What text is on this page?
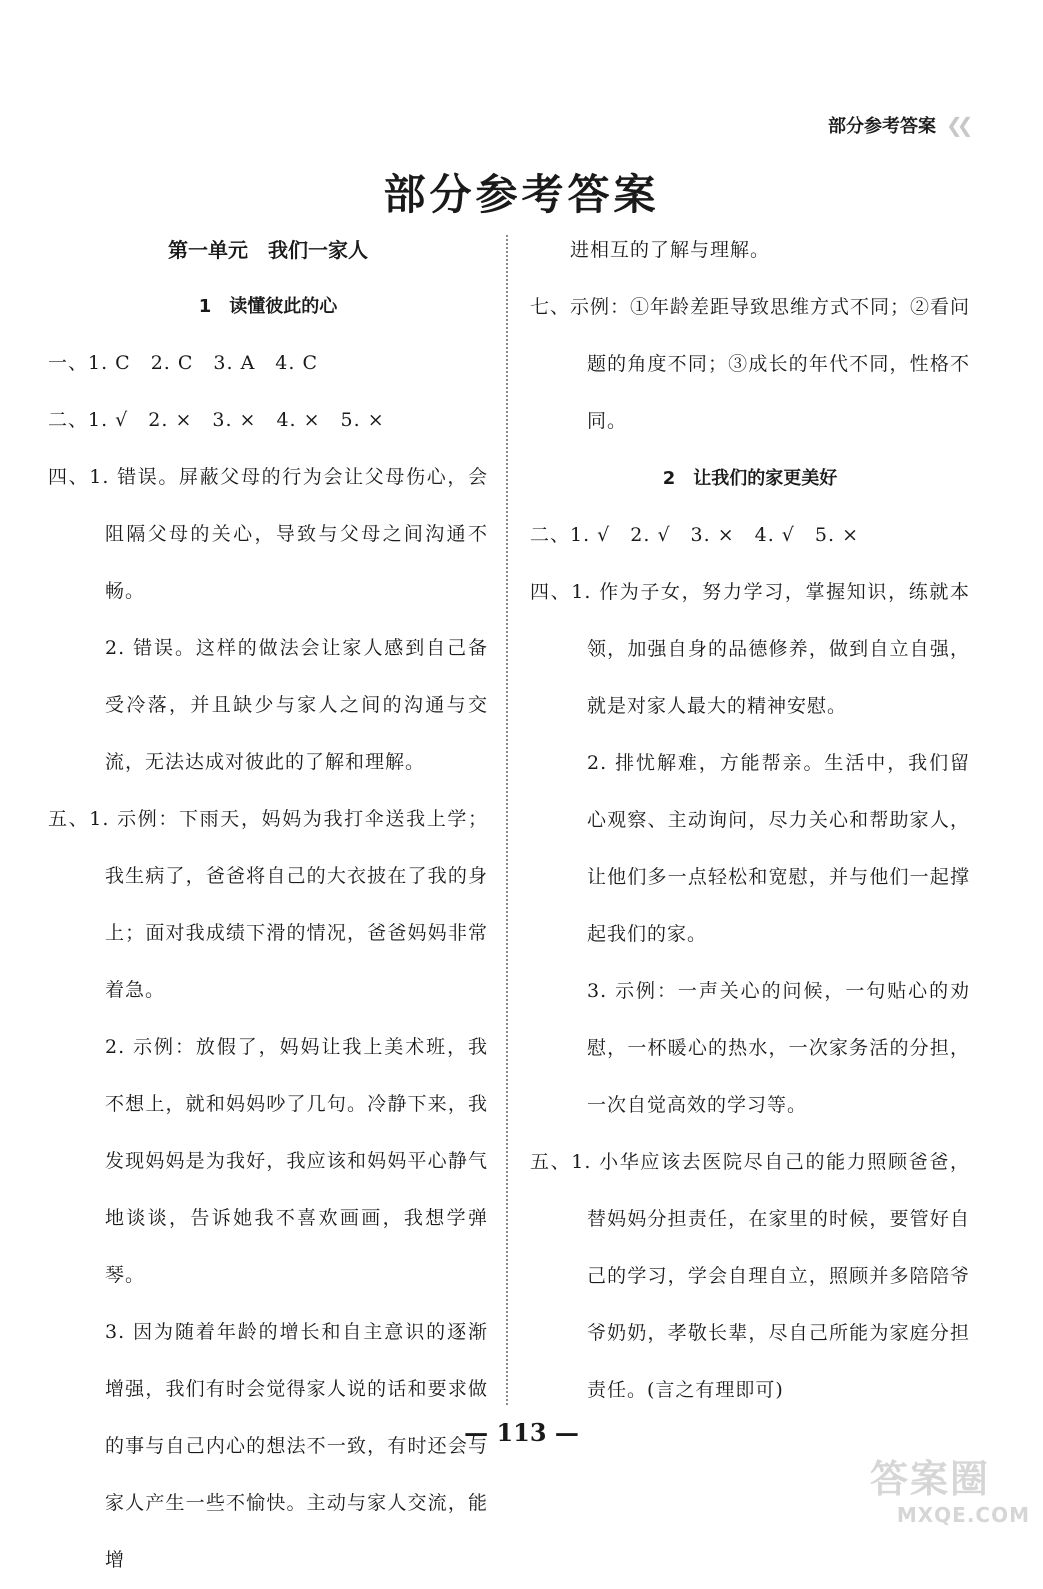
部分参考答案 ❮❮
部分参考答案
第一单元　我们一家人
1　读懂彼此的心

一、1. C　2. C　3. A　4. C

二、1. √　2. ×　3. ×　4. ×　5. ×

四、1. 错误。屏蔽父母的行为会让父母伤心，会阻隔父母的关心，导致与父母之间沟通不畅。

2. 错误。这样的做法会让家人感到自己备受冷落，并且缺少与家人之间的沟通与交流，无法达成对彼此的了解和理解。

五、1. 示例：下雨天，妈妈为我打伞送我上学；我生病了，爸爸将自己的大衣披在了我的身上；面对我成绩下滑的情况，爸爸妈妈非常着急。

2. 示例：放假了，妈妈让我上美术班，我不想上，就和妈妈吵了几句。冷静下来，我发现妈妈是为我好，我应该和妈妈平心静气地谈谈，告诉她我不喜欢画画，我想学弹琴。

3. 因为随着年龄的增长和自主意识的逐渐增强，我们有时会觉得家人说的话和要求做的事与自己内心的想法不一致，有时还会与家人产生一些不愉快。主动与家人交流，能增

进相互的了解与理解。

七、示例：①年龄差距导致思维方式不同；②看问题的角度不同；③成长的年代不同，性格不同。

2　让我们的家更美好

二、1. √　2. √　3. ×　4. √　5. ×

四、1. 作为子女，努力学习，掌握知识，练就本领，加强自身的品德修养，做到自立自强，就是对家人最大的精神安慰。

2. 排忧解难，方能帮亲。生活中，我们留心观察、主动询问，尽力关心和帮助家人，让他们多一点轻松和宽慰，并与他们一起撑起我们的家。

3. 示例：一声关心的问候，一句贴心的劝慰，一杯暖心的热水，一次家务活的分担，一次自觉高效的学习等。

五、1. 小华应该去医院尽自己的能力照顾爸爸，替妈妈分担责任，在家里的时候，要管好自己的学习，学会自理自立，照顾并多陪陪爷爷奶奶，孝敬长辈，尽自己所能为家庭分担责任。(言之有理即可)

— 113 —
答案圈
MXQE.COM
